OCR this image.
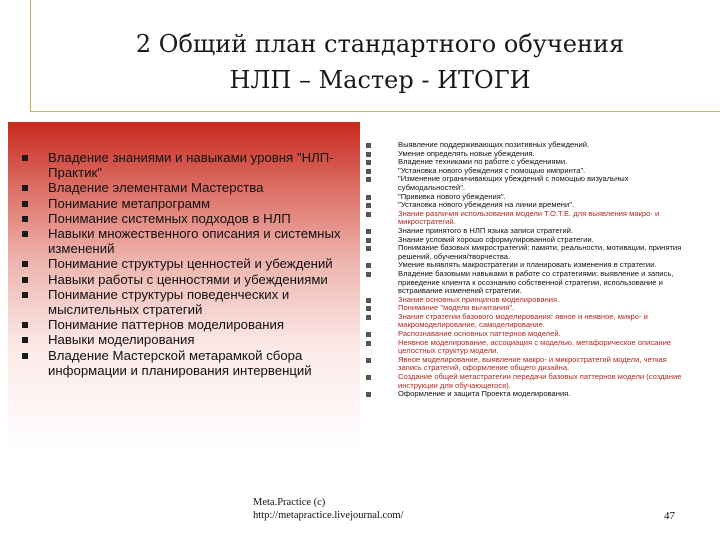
2 Общий план стандартного обучения
НЛП – Мастер - ИТОГИ
Владение знаниями и навыками уровня "НЛП-Практик"
Владение элементами Мастерства
Понимание метапрограмм
Понимание системных подходов в НЛП
Навыки множественного описания и системных изменений
Понимание структуры ценностей и убеждений
Навыки работы с ценностями и убеждениями
Понимание структуры поведенческих и мыслительных стратегий
Понимание паттернов моделирования
Навыки моделирования
Владение Мастерской метарамкой сбора информации и планирования интервенций
Выявление поддерживающих позитивных убеждений.
Умение определять новые убеждения.
Владение техниками по работе с убеждениями.
"Установка нового убеждения с помощью импринта".
"Изменение ограничивающих убеждений с помощью визуальных субмодальностей".
"Прививка нового убеждения".
"Установка нового убеждения на линии времени".
Знание различия использования модели Т.О.Т.Е. для выявления макро- и микростратегий.
Знание принятого в НЛП языка записи стратегий.
Знание условий хорошо сформулированной стратегии.
Понимание базовых микростратегий: памяти, реальности, мотивации, принятия решений, обучения/творчества.
Умение выявлять макростратегии и планировать изменения в стратегии.
Владение базовыми навыками в работе со стратегиями: выявление и запись, приведение клиента к осознанию собственной стратегии, использование и встраивание изменений стратегии.
Знание основных принципов моделирования.
Понимание "модели вычитания".
Знание стратегии базового моделирования: явное и неявное, микро- и макромоделирование, самоделирование.
Распознавание основных паттернов моделей.
Неявное моделирование, ассоциация с моделью, метафорическое описание целостных структур модели.
Явное моделирование, выявление макро- и микростратегий модели, четкая запись стратегий, оформление общего дизайна.
Создание общей метастратегии передачи базовых паттернов модели (создание инструкции для обучающегося).
Оформление и защита Проекта моделирования.
Meta.Practice (c)
http://metapractice.livejournal.com/	47
